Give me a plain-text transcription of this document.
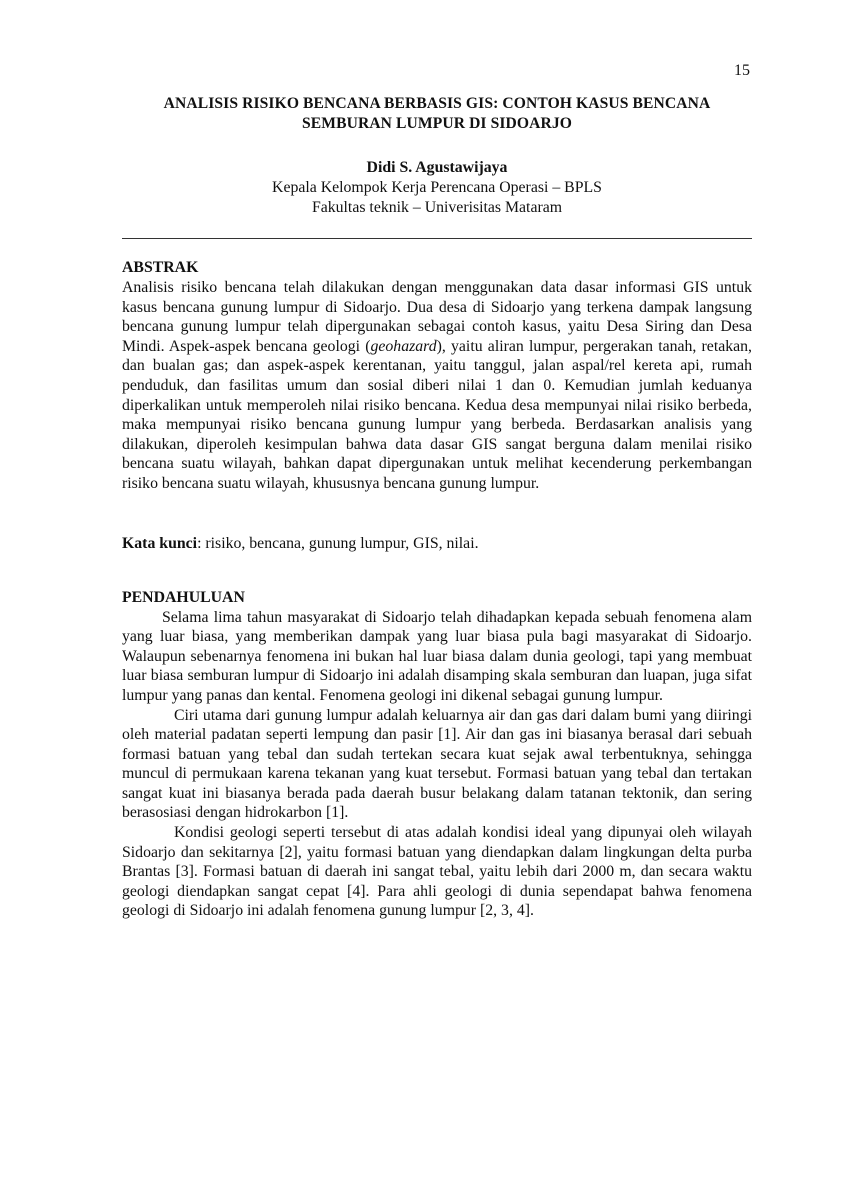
15
ANALISIS RISIKO BENCANA BERBASIS GIS: CONTOH KASUS BENCANA
SEMBURAN LUMPUR DI SIDOARJO
Didi S. Agustawijaya
Kepala Kelompok Kerja Perencana Operasi – BPLS
Fakultas teknik – Univerisitas Mataram
ABSTRAK

Analisis risiko bencana telah dilakukan dengan menggunakan data dasar informasi GIS untuk kasus bencana gunung lumpur di Sidoarjo. Dua desa di Sidoarjo yang terkena dampak langsung bencana gunung lumpur telah dipergunakan sebagai contoh kasus, yaitu Desa Siring dan Desa Mindi. Aspek-aspek bencana geologi (geohazard), yaitu aliran lumpur, pergerakan tanah, retakan, dan bualan gas; dan aspek-aspek kerentanan, yaitu tanggul, jalan aspal/rel kereta api, rumah penduduk, dan fasilitas umum dan sosial diberi nilai 1 dan 0. Kemudian jumlah keduanya diperkalikan untuk memperoleh nilai risiko bencana. Kedua desa mempunyai nilai risiko berbeda, maka mempunyai risiko bencana gunung lumpur yang berbeda. Berdasarkan analisis yang dilakukan, diperoleh kesimpulan bahwa data dasar GIS sangat berguna dalam menilai risiko bencana suatu wilayah, bahkan dapat dipergunakan untuk melihat kecenderung perkembangan risiko bencana suatu wilayah, khususnya bencana gunung lumpur.

Kata kunci: risiko, bencana, gunung lumpur, GIS, nilai.
PENDAHULUAN

Selama lima tahun masyarakat di Sidoarjo telah dihadapkan kepada sebuah fenomena alam yang luar biasa, yang memberikan dampak yang luar biasa pula bagi masyarakat di Sidoarjo. Walaupun sebenarnya fenomena ini bukan hal luar biasa dalam dunia geologi, tapi yang membuat luar biasa semburan lumpur di Sidoarjo ini adalah disamping skala semburan dan luapan, juga sifat lumpur yang panas dan kental. Fenomena geologi ini dikenal sebagai gunung lumpur.

Ciri utama dari gunung lumpur adalah keluarnya air dan gas dari dalam bumi yang diiringi oleh material padatan seperti lempung dan pasir [1]. Air dan gas ini biasanya berasal dari sebuah formasi batuan yang tebal dan sudah tertekan secara kuat sejak awal terbentuknya, sehingga muncul di permukaan karena tekanan yang kuat tersebut. Formasi batuan yang tebal dan tertakan sangat kuat ini biasanya berada pada daerah busur belakang dalam tatanan tektonik, dan sering berasosiasi dengan hidrokarbon [1].

Kondisi geologi seperti tersebut di atas adalah kondisi ideal yang dipunyai oleh wilayah Sidoarjo dan sekitarnya [2], yaitu formasi batuan yang diendapkan dalam lingkungan delta purba Brantas [3]. Formasi batuan di daerah ini sangat tebal, yaitu lebih dari 2000 m, dan secara waktu geologi diendapkan sangat cepat [4]. Para ahli geologi di dunia sependapat bahwa fenomena geologi di Sidoarjo ini adalah fenomena gunung lumpur [2, 3, 4].
